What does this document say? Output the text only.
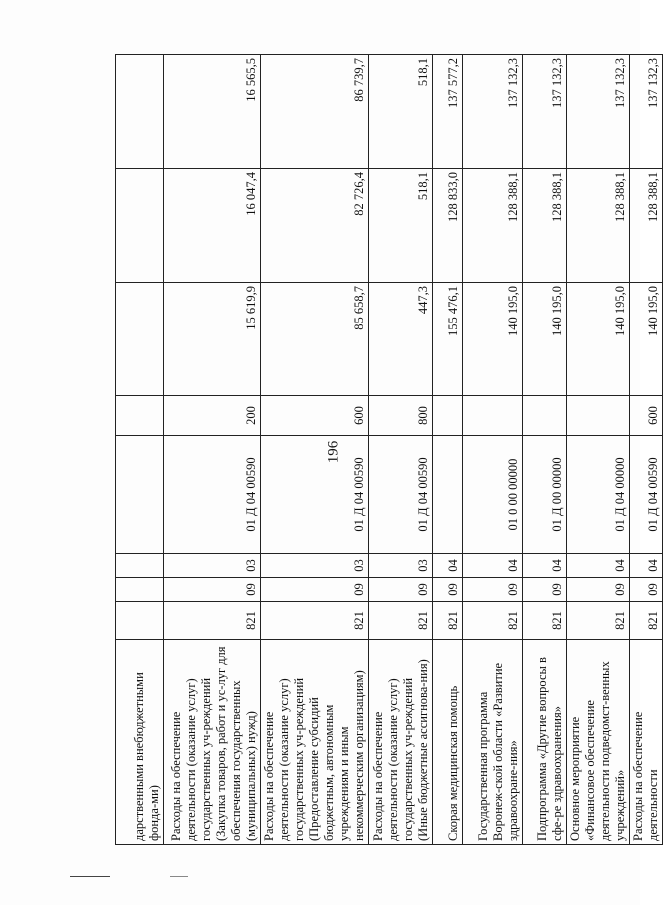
196
дарственными внебюджетными фонда-ми)								
Расходы на обеспечение деятельности (оказание услуг) государственных уч-реждений (Закупка товаров, работ и ус-луг для обеспечения государственных (муниципальных) нужд)	821	09	03	01 Д 04 00590	200	15 619,9	16 047,4	16 565,5
Расходы на обеспечение деятельности (оказание услуг) государственных уч-реждений (Предоставление субсидий бюджетным, автономным учреждениям и иным некоммерческим организациям)	821	09	03	01 Д 04 00590	600	85 658,7	82 726,4	86 739,7
Расходы на обеспечение деятельности (оказание услуг) государственных уч-реждений (Иные бюджетные ассигнова-ния)	821	09	03	01 Д 04 00590	800	447,3	518,1	518,1
Скорая медицинская помощь	821	09	04			155 476,1	128 833,0	137 577,2
Государственная программа Воронеж-ской области «Развитие здравоохране-ния»	821	09	04	01 0 00 00000		140 195,0	128 388,1	137 132,3
Подпрограмма «Другие вопросы в сфе-ре здравоохранения»	821	09	04	01 Д 00 00000		140 195,0	128 388,1	137 132,3
Основное мероприятие «Финансовое обеспечение деятельности подведомст-венных учреждений»	821	09	04	01 Д 04 00000		140 195,0	128 388,1	137 132,3
Расходы на обеспечение деятельности	821	09	04	01 Д 04 00590	600	140 195,0	128 388,1	137 132,3
